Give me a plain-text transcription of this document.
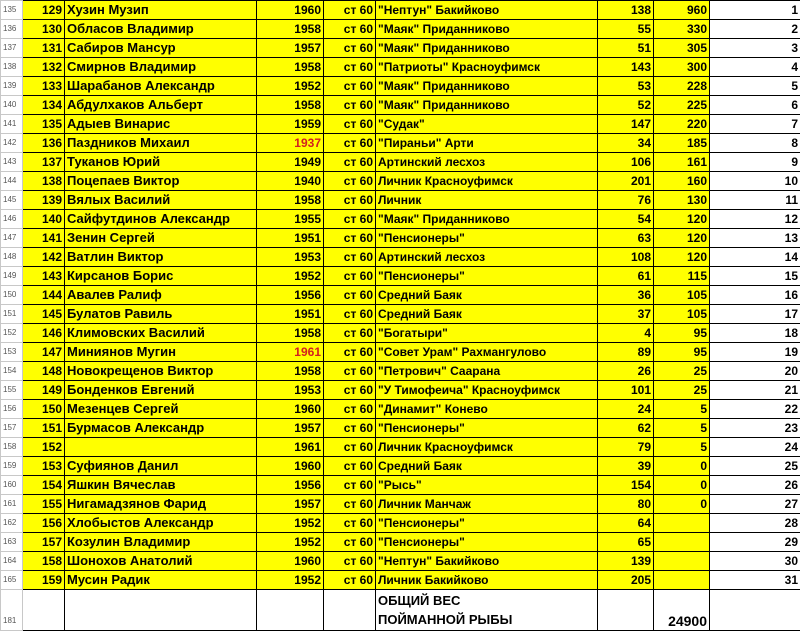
135	129	Хузин Музип	1960	ст 60	"Нептун" Бакийково	138	960	1
136	130	Обласов Владимир	1958	ст 60	"Маяк" Приданниково	55	330	2
137	131	Сабиров Мансур	1957	ст 60	"Маяк" Приданниково	51	305	3
138	132	Смирнов Владимир	1958	ст 60	"Патриоты" Красноуфимск	143	300	4
139	133	Шарабанов Александр	1952	ст 60	"Маяк" Приданниково	53	228	5
140	134	Абдулхаков Альберт	1958	ст 60	"Маяк" Приданниково	52	225	6
141	135	Адыев Винарис	1959	ст 60	"Судак"	147	220	7
142	136	Паздников Михаил	1937	ст 60	"Пираньи" Арти	34	185	8
143	137	Туканов Юрий	1949	ст 60	Артинский лесхоз	106	161	9
144	138	Поцепаев Виктор	1940	ст 60	Личник Красноуфимск	201	160	10
145	139	Вялых Василий	1958	ст 60	Личник	76	130	11
146	140	Сайфутдинов Александр	1955	ст 60	"Маяк" Приданниково	54	120	12
147	141	Зенин Сергей	1951	ст 60	"Пенсионеры"	63	120	13
148	142	Ватлин Виктор	1953	ст 60	Артинский лесхоз	108	120	14
149	143	Кирсанов Борис	1952	ст 60	"Пенсионеры"	61	115	15
150	144	Авалев Ралиф	1956	ст 60	Средний Баяк	36	105	16
151	145	Булатов Равиль	1951	ст 60	Средний Баяк	37	105	17
152	146	Климовских Василий	1958	ст 60	"Богатыри"	4	95	18
153	147	Миниянов Мугин	1961	ст 60	"Совет Урам" Рахмангулово	89	95	19
154	148	Новокрещенов Виктор	1958	ст 60	"Петрович" Саарана	26	25	20
155	149	Бонденков Евгений	1953	ст 60	"У Тимофеича" Красноуфимск	101	25	21
156	150	Мезенцев Сергей	1960	ст 60	"Динамит" Конево	24	5	22
157	151	Бурмасов Александр	1957	ст 60	"Пенсионеры"	62	5	23
158	152		1961	ст 60	Личник Красноуфимск	79	5	24
159	153	Суфиянов Данил	1960	ст 60	Средний Баяк	39	0	25
160	154	Яшкин Вячеслав	1956	ст 60	"Рысь"	154	0	26
161	155	Нигамадзянов Фарид	1957	ст 60	Личник Манчаж	80	0	27
162	156	Хлобыстов Александр	1952	ст 60	"Пенсионеры"	64		28
163	157	Козулин Владимир	1952	ст 60	"Пенсионеры"	65		29
164	158	Шонохов Анатолий	1960	ст 60	"Нептун" Бакийково	139		30
165	159	Мусин Радик	1952	ст 60	Личник Бакийково	205		31
181					ОБЩИЙ ВЕС
ПОЙМАННОЙ РЫБЫ		24900	
